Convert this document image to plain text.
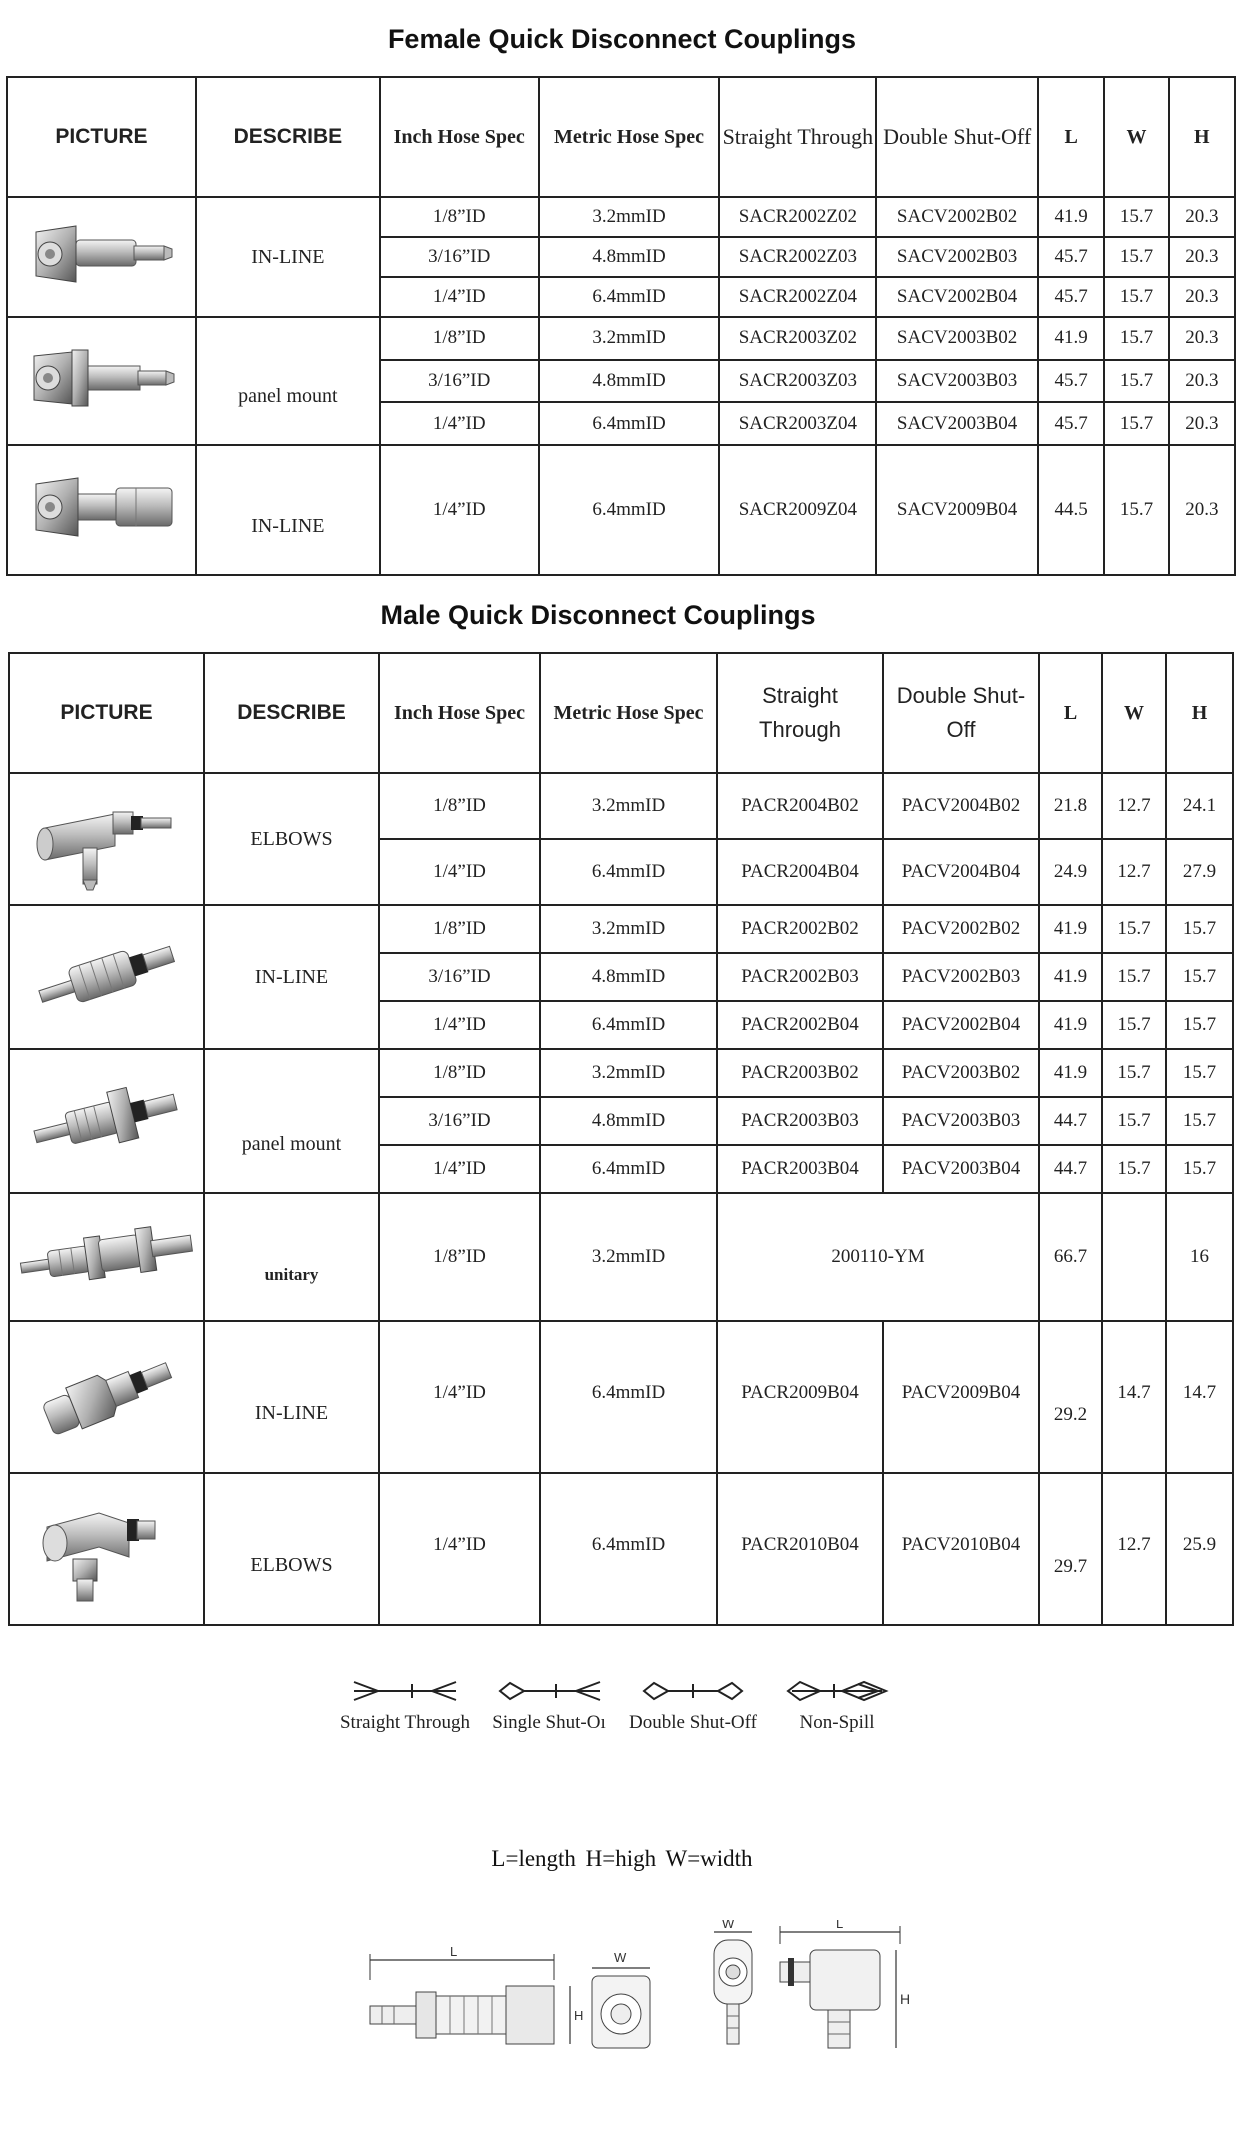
Female Quick Disconnect Couplings
PICTURE	DESCRIBE	Inch Hose Spec	Metric Hose Spec	Straight Through	Double Shut-Off	L	W	H
	IN-LINE	1/8”ID	3.2mmID	SACR2002Z02	SACV2002B02	41.9	15.7	20.3
		3/16”ID	4.8mmID	SACR2002Z03	SACV2002B03	45.7	15.7	20.3
		1/4”ID	6.4mmID	SACR2002Z04	SACV2002B04	45.7	15.7	20.3
	panel mount	1/8”ID	3.2mmID	SACR2003Z02	SACV2003B02	41.9	15.7	20.3
		3/16”ID	4.8mmID	SACR2003Z03	SACV2003B03	45.7	15.7	20.3
		1/4”ID	6.4mmID	SACR2003Z04	SACV2003B04	45.7	15.7	20.3
	IN-LINE	1/4”ID	6.4mmID	SACR2009Z04	SACV2009B04	44.5	15.7	20.3
Male Quick Disconnect Couplings
PICTURE	DESCRIBE	Inch Hose Spec	Metric Hose Spec	Straight Through	Double Shut-Off	L	W	H
	ELBOWS	1/8”ID	3.2mmID	PACR2004B02	PACV2004B02	21.8	12.7	24.1
		1/4”ID	6.4mmID	PACR2004B04	PACV2004B04	24.9	12.7	27.9
	IN-LINE	1/8”ID	3.2mmID	PACR2002B02	PACV2002B02	41.9	15.7	15.7
		3/16”ID	4.8mmID	PACR2002B03	PACV2002B03	41.9	15.7	15.7
		1/4”ID	6.4mmID	PACR2002B04	PACV2002B04	41.9	15.7	15.7
	panel mount	1/8”ID	3.2mmID	PACR2003B02	PACV2003B02	41.9	15.7	15.7
		3/16”ID	4.8mmID	PACR2003B03	PACV2003B03	44.7	15.7	15.7
		1/4”ID	6.4mmID	PACR2003B04	PACV2003B04	44.7	15.7	15.7
	unitary	1/8”ID	3.2mmID	200110-YM		66.7		16
	IN-LINE	1/4”ID	6.4mmID	PACR2009B04	PACV2009B04	29.2	14.7	14.7
	ELBOWS	1/4”ID	6.4mmID	PACR2010B04	PACV2010B04	29.7	12.7	25.9
Straight Through	Single Shut-Oı	Double Shut-Off	Non-Spill
L=length H=high W=width
L
H
W
W	L
H
